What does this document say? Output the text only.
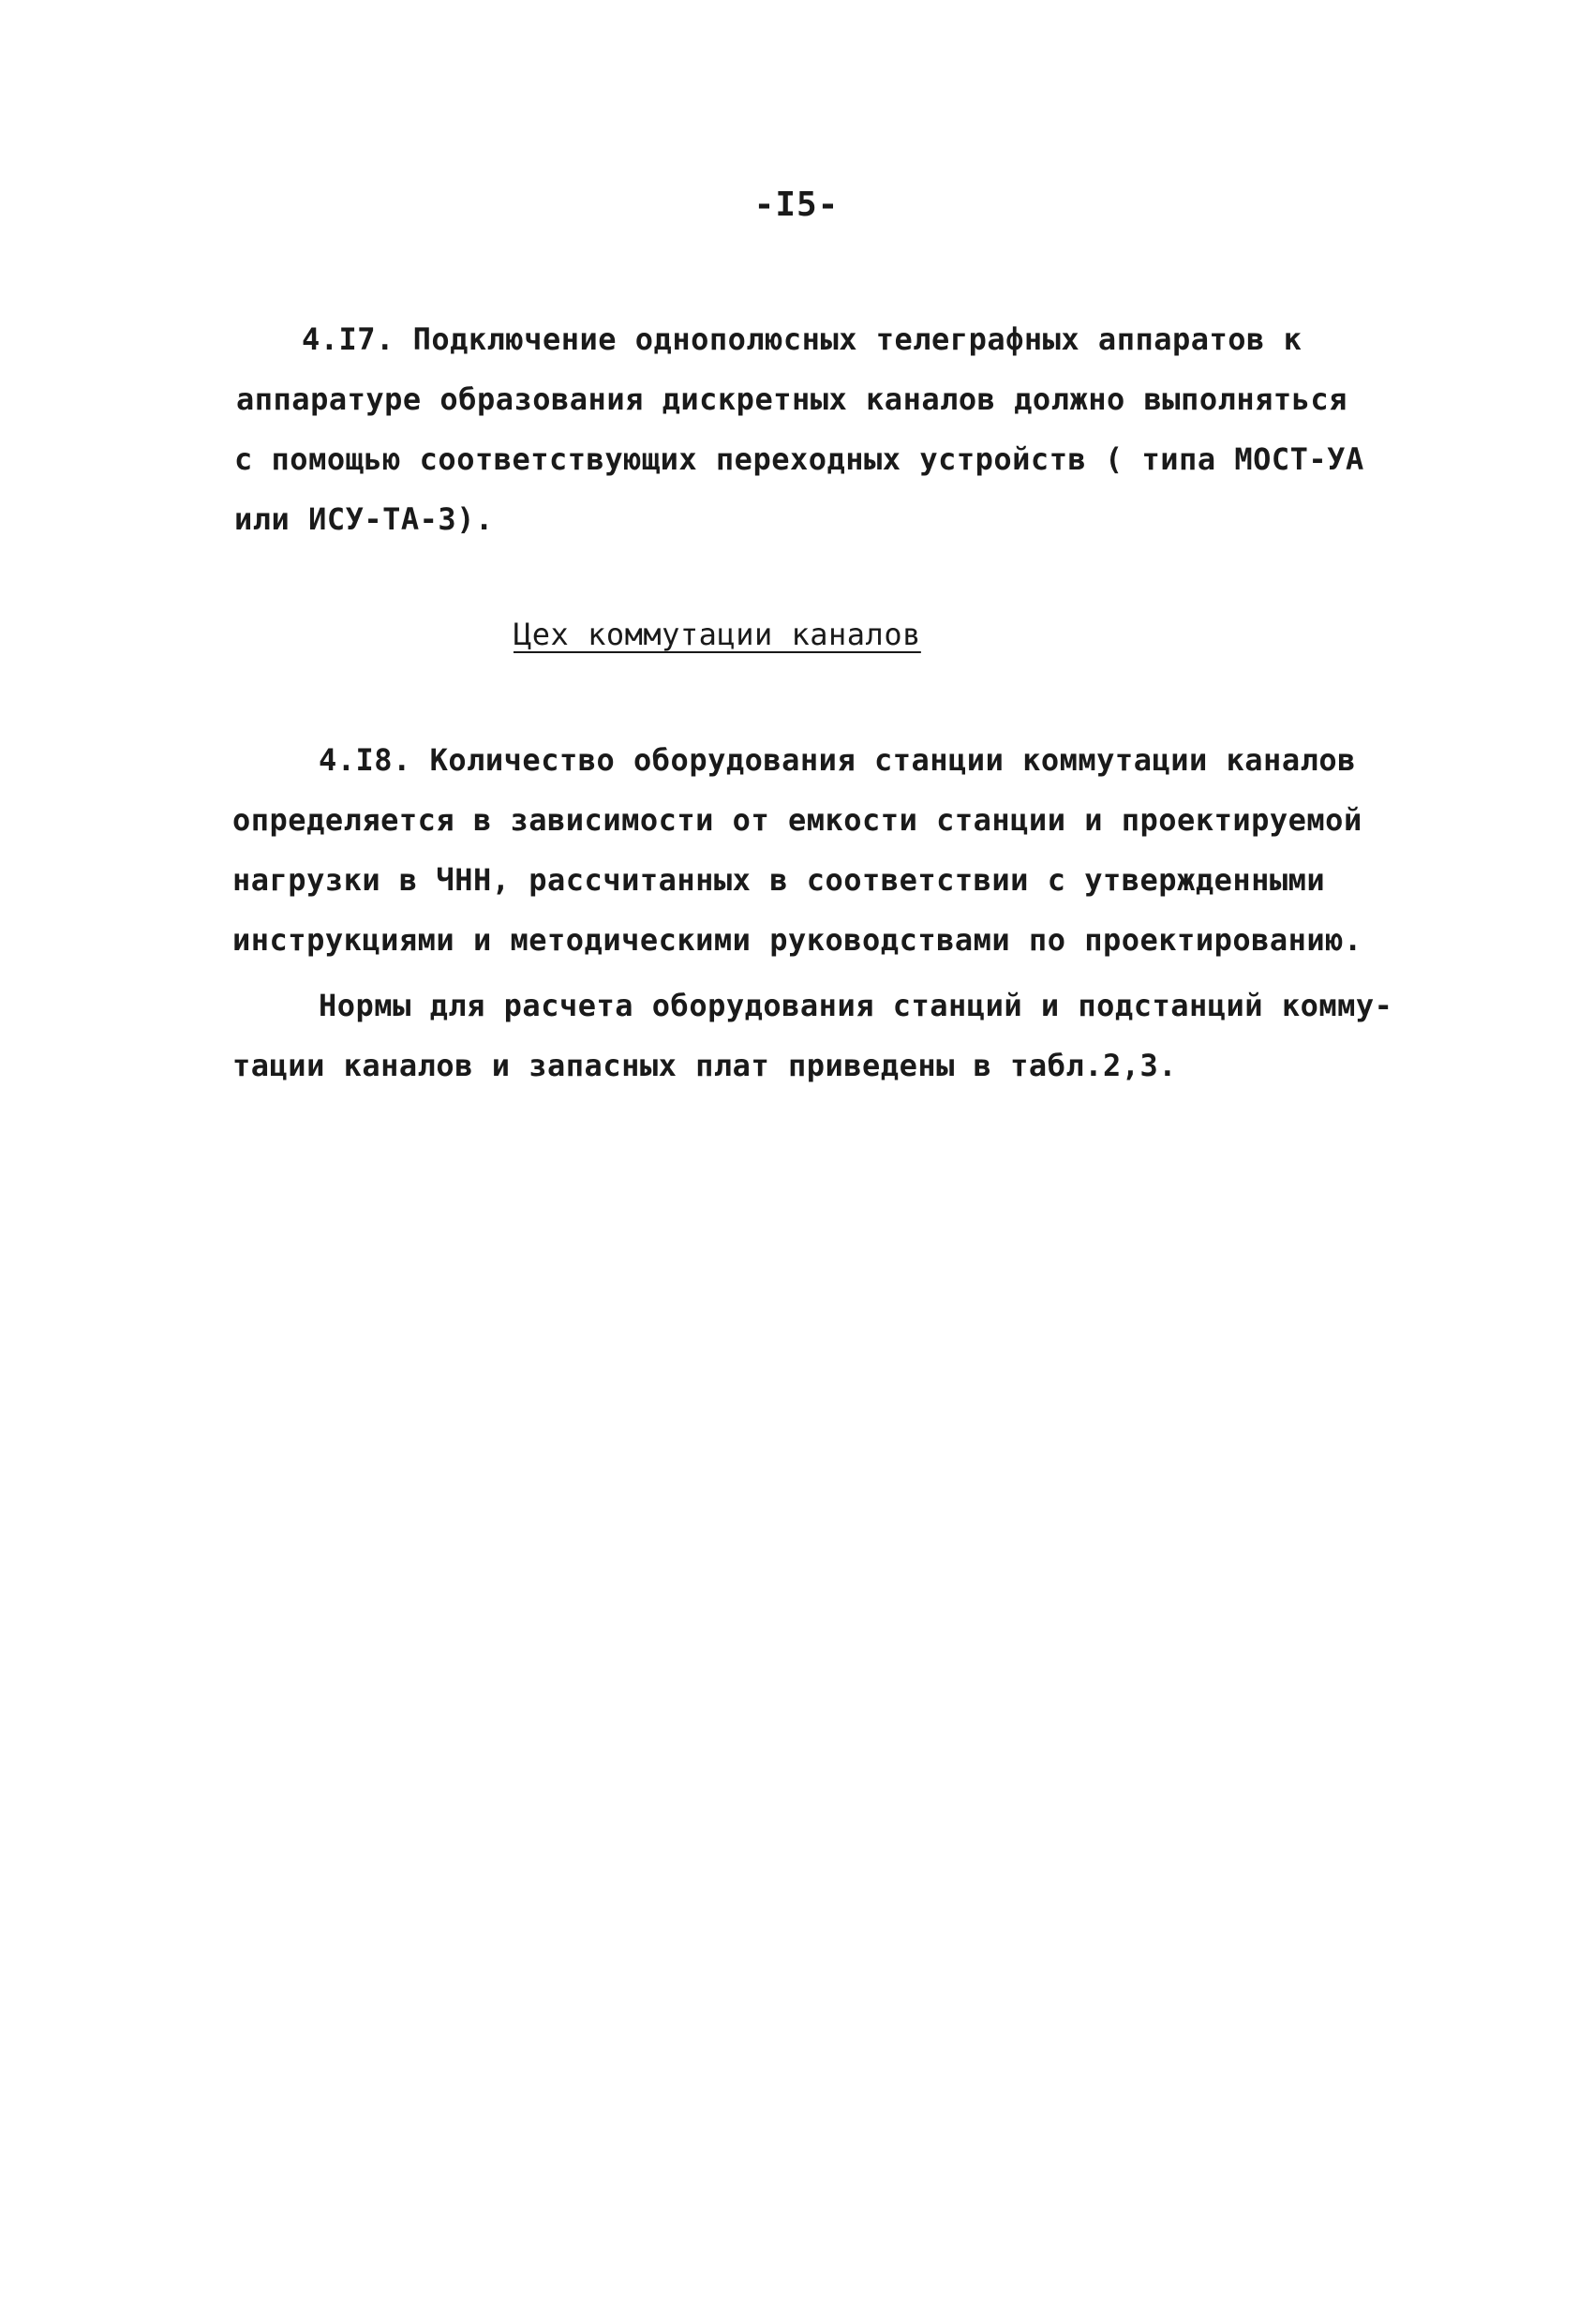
-I5-
4.I7. Подключение однополюсных телеграфных аппаратов к
аппаратуре образования дискретных каналов должно выполняться
с помощью соответствующих переходных устройств ( типа МОСТ-УА
или ИСУ-ТА-3).
Цех коммутации каналов
4.I8. Количество оборудования станции коммутации каналов
определяется в зависимости от емкости станции и проектируемой
нагрузки в ЧНН, рассчитанных в соответствии с утвержденными
инструкциями и методическими руководствами по проектированию.
Нормы для расчета оборудования станций и подстанций комму-
тации каналов и запасных плат приведены в табл.2,3.
